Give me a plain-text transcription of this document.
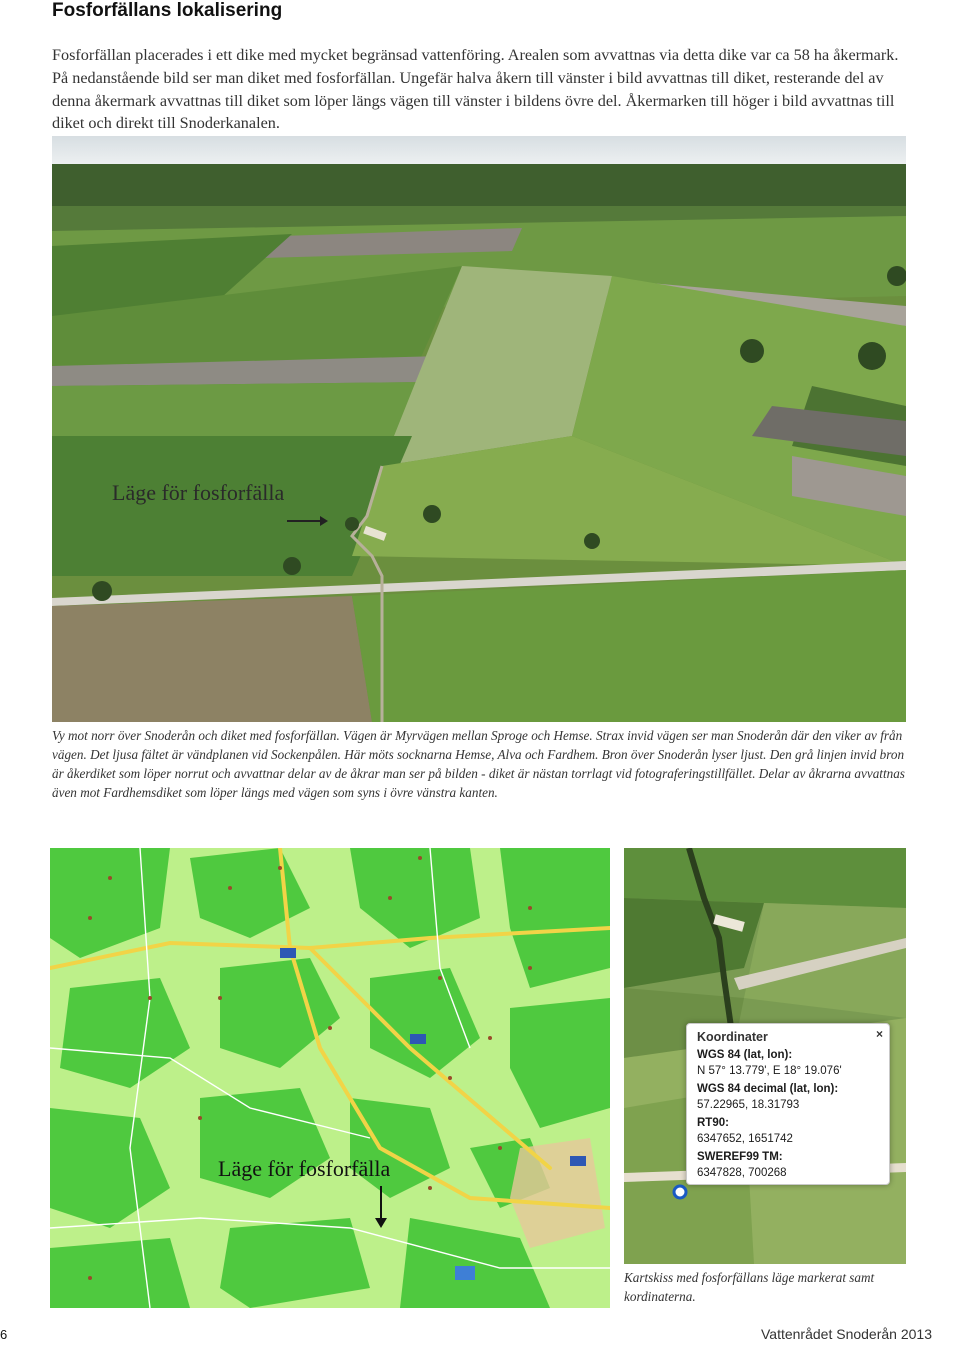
Fosforfällans lokalisering
Fosforfällan placerades i ett dike med mycket begränsad vattenföring. Arealen som avvattnas via detta dike var ca 58 ha åkermark. På nedanstående bild ser man diket med fosforfällan. Ungefär halva åkern till vänster i bild avvattnas till diket, resterande del av denna åkermark avvattnas till diket som löper längs vägen till vänster i bildens övre del. Åkermarken till höger i bild avvattnas till diket och direkt till Snoderkanalen.
Läge för fosforfälla
Vy mot norr över Snoderån och diket med fosforfällan. Vägen är Myrvägen mellan Sproge och Hemse. Strax invid vägen ser man Snoderån där den viker av från vägen. Det ljusa fältet är vändplanen vid Sockenpålen. Här möts socknarna Hemse, Alva och Fardhem. Bron över Snoderån lyser ljust. Den grå linjen invid bron är åkerdiket som löper norrut och avvattnar delar av de åkrar man ser på bilden - diket är nästan torrlagt vid fotograferingstillfället. Delar av åkrarna avvattnas även mot Fardhemsdiket som löper längs med vägen som syns i övre vänstra kanten.
Läge för fosforfälla
Koordinater	×
WGS 84 (lat, lon):
N 57° 13.779', E 18° 19.076'
WGS 84 decimal (lat, lon):
57.22965, 18.31793
RT90:
6347652, 1651742
SWEREF99 TM:
6347828, 700268
Kartskiss med fosforfällans läge markerat samt kordinaterna.
6	Vattenrådet Snoderån 2013
